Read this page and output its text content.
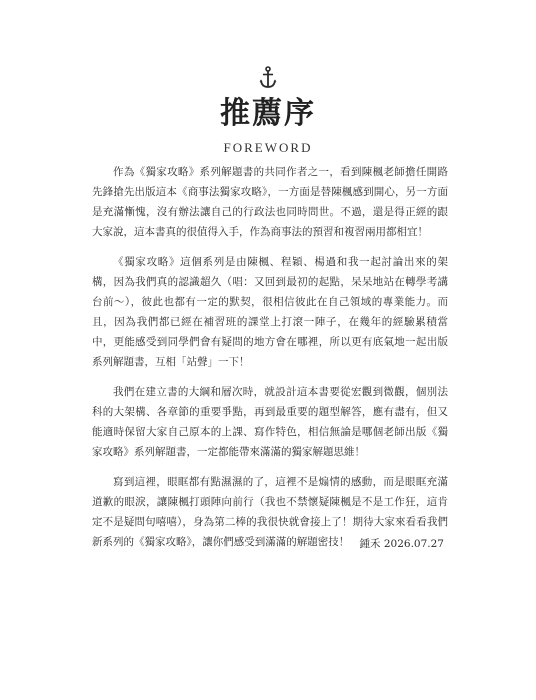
推薦序
FOREWORD

作為《獨家攻略》系列解題書的共同作者之一，看到陳楓老師擔任開路先鋒搶先出版這本《商事法獨家攻略》，一方面是替陳楓感到開心，另一方面是充滿慚愧，沒有辦法讓自己的行政法也同時問世。不過，還是得正經的跟大家說，這本書真的很值得入手，作為商事法的預習和複習兩用都相宜！

《獨家攻略》這個系列是由陳楓、程穎、楊過和我一起討論出來的架構，因為我們真的認識超久（唱：又回到最初的起點，呆呆地站在轉學考講台前～），彼此也都有一定的默契，很相信彼此在自己領域的專業能力。而且，因為我們都已經在補習班的課堂上打滾一陣子，在幾年的經驗累積當中，更能感受到同學們會有疑問的地方會在哪裡，所以更有底氣地一起出版系列解題書，互相「站聲」一下！

我們在建立書的大綱和層次時，就設計這本書要從宏觀到微觀，個別法科的大架構、各章節的重要爭點，再到最重要的題型解答，應有盡有，但又能適時保留大家自己原本的上課、寫作特色，相信無論是哪個老師出版《獨家攻略》系列解題書，一定都能帶來滿滿的獨家解題思維！

寫到這裡，眼眶都有點濕濕的了，這裡不是煽情的感動，而是眼眶充滿道歉的眼淚，讓陳楓打頭陣向前行（我也不禁懷疑陳楓是不是工作狂，這肯定不是疑問句嘻嘻），身為第二棒的我很快就會接上了！期待大家來看看我們新系列的《獨家攻略》，讓你們感受到滿滿的解題密技！ 鍾禾 2026.07.27
